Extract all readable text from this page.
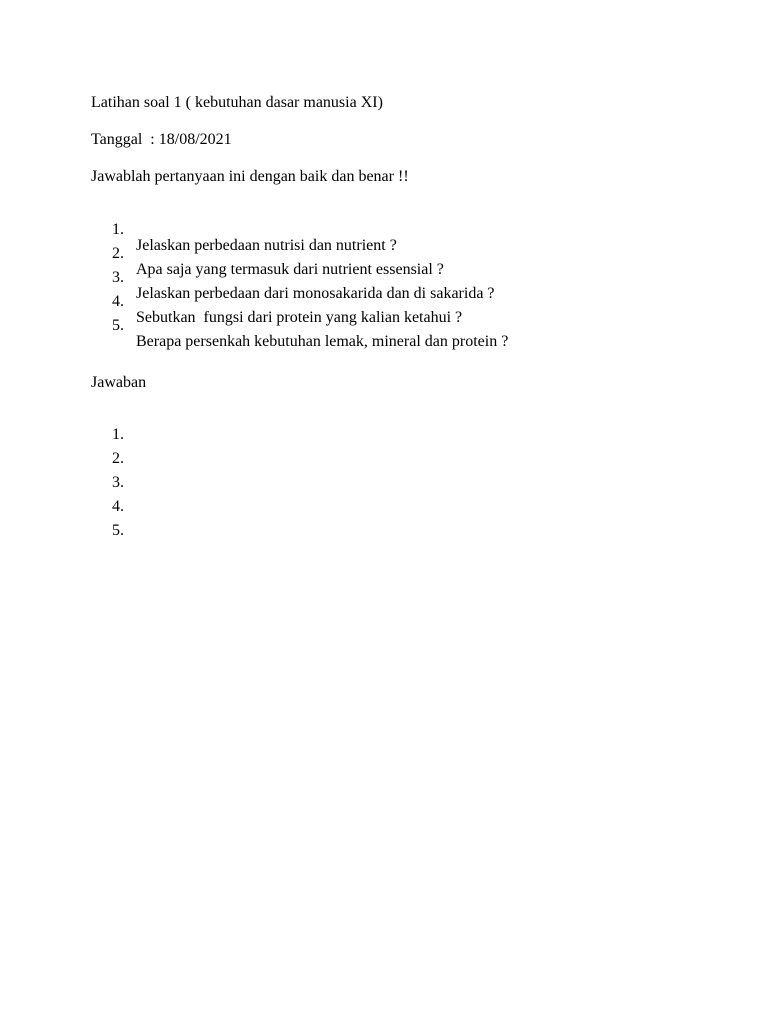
Latihan soal 1 ( kebutuhan dasar manusia XI)
Tanggal  : 18/08/2021
Jawablah pertanyaan ini dengan baik dan benar !!

1.

Jelaskan perbedaan nutrisi dan nutrient ?

2.

Apa saja yang termasuk dari nutrient essensial ?

3.

Jelaskan perbedaan dari monosakarida dan di sakarida ?

4.

Sebutkan  fungsi dari protein yang kalian ketahui ?

5.

Berapa persenkah kebutuhan lemak, mineral dan protein ?

Jawaban

1.

2.

3.

4.

5.
